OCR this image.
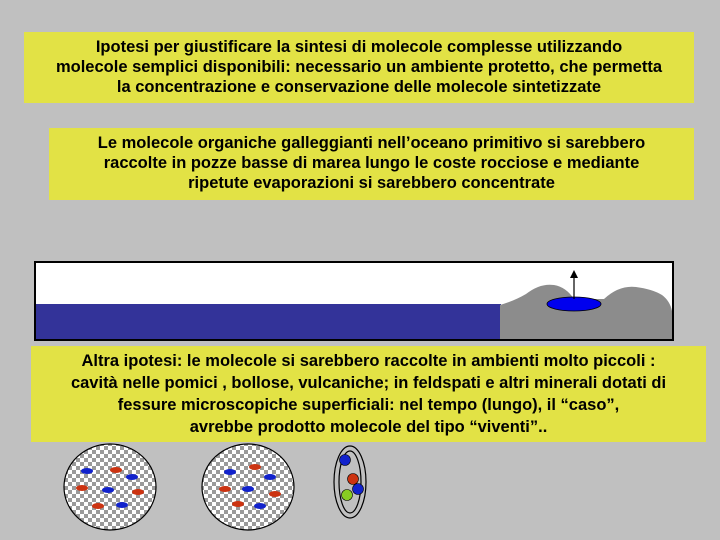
Ipotesi per giustificare la sintesi di molecole complesse utilizzando
molecole semplici disponibili: necessario un ambiente protetto, che permetta
la concentrazione e conservazione delle molecole sintetizzate
Le molecole organiche galleggianti nell’oceano primitivo si sarebbero
raccolte in pozze basse di marea lungo le coste rocciose e mediante
ripetute evaporazioni si sarebbero concentrate
Altra ipotesi: le molecole si sarebbero raccolte in ambienti molto piccoli :
cavità nelle pomici , bollose, vulcaniche; in feldspati e altri minerali dotati di
fessure microscopiche superficiali: nel tempo (lungo), il “caso”,
avrebbe prodotto molecole del tipo “viventi”..
